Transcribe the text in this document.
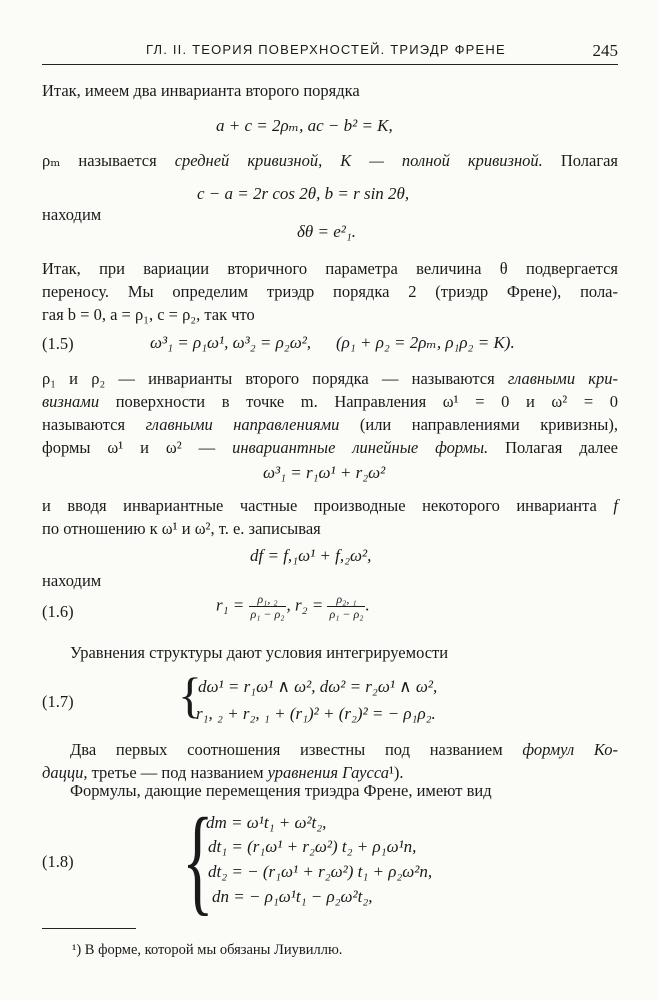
ГЛ. II. ТЕОРИЯ ПОВЕРХНОСТЕЙ. ТРИЭДР ФРЕНЕ	245
Итак, имеем два инварианта второго порядка
a + c = 2ρₘ, ac − b² = K,
ρₘ называется средней кривизной, K — полной кривизной. Полагая
c − a = 2r cos 2θ, b = r sin 2θ,
находим
δθ = e²₁.
Итак, при вариации вторичного параметра величина θ подвергается
переносу. Мы определим триэдр порядка 2 (триэдр Френе), пола-
гая b = 0, a = ρ₁, c = ρ₂, так что
(1.5)	ω³₁ = ρ₁ω¹, ω³₂ = ρ₂ω², (ρ₁ + ρ₂ = 2ρₘ, ρ₁ρ₂ = K).
ρ₁ и ρ₂ — инварианты второго порядка — называются главными кри-
визнами поверхности в точке m. Направления ω¹ = 0 и ω² = 0
называются главными направлениями (или направлениями кривизны),
формы ω¹ и ω² — инвариантные линейные формы. Полагая далее
ω³₁ = r₁ω¹ + r₂ω²
и вводя инвариантные частные производные некоторого инварианта f
по отношению к ω¹ и ω², т. е. записывая
df = f,₁ω¹ + f,₂ω²,
находим
(1.6)	$r_1 = \frac{\text{ρ₁, ₂}}{\text{ρ₁ − ρ₂}}$ , $r_2 = \frac{\text{ρ₂, ₁}}{\text{ρ₁ − ρ₂}}$ .
Уравнения структуры дают условия интегрируемости
(1.7) {
dω¹ = r₁ω¹ ∧ ω², dω² = r₂ω¹ ∧ ω²,
r₁, ₂ + r₂, ₁ + (r₁)² + (r₂)² = − ρ₁ρ₂.
Два первых соотношения известны под названием формул Ко-
даццu, третье — под названием уравнения Гаусса¹).
Формулы, дающие перемещения триэдра Френе, имеют вид
(1.8) {
dm = ω¹t₁ + ω²t₂,
dt₁ = (r₁ω¹ + r₂ω²) t₂ + ρ₁ω¹n,
dt₂ = − (r₁ω¹ + r₂ω²) t₁ + ρ₂ω²n,
dn = − ρ₁ω¹t₁ − ρ₂ω²t₂,
¹) В форме, которой мы обязаны Лиувиллю.
